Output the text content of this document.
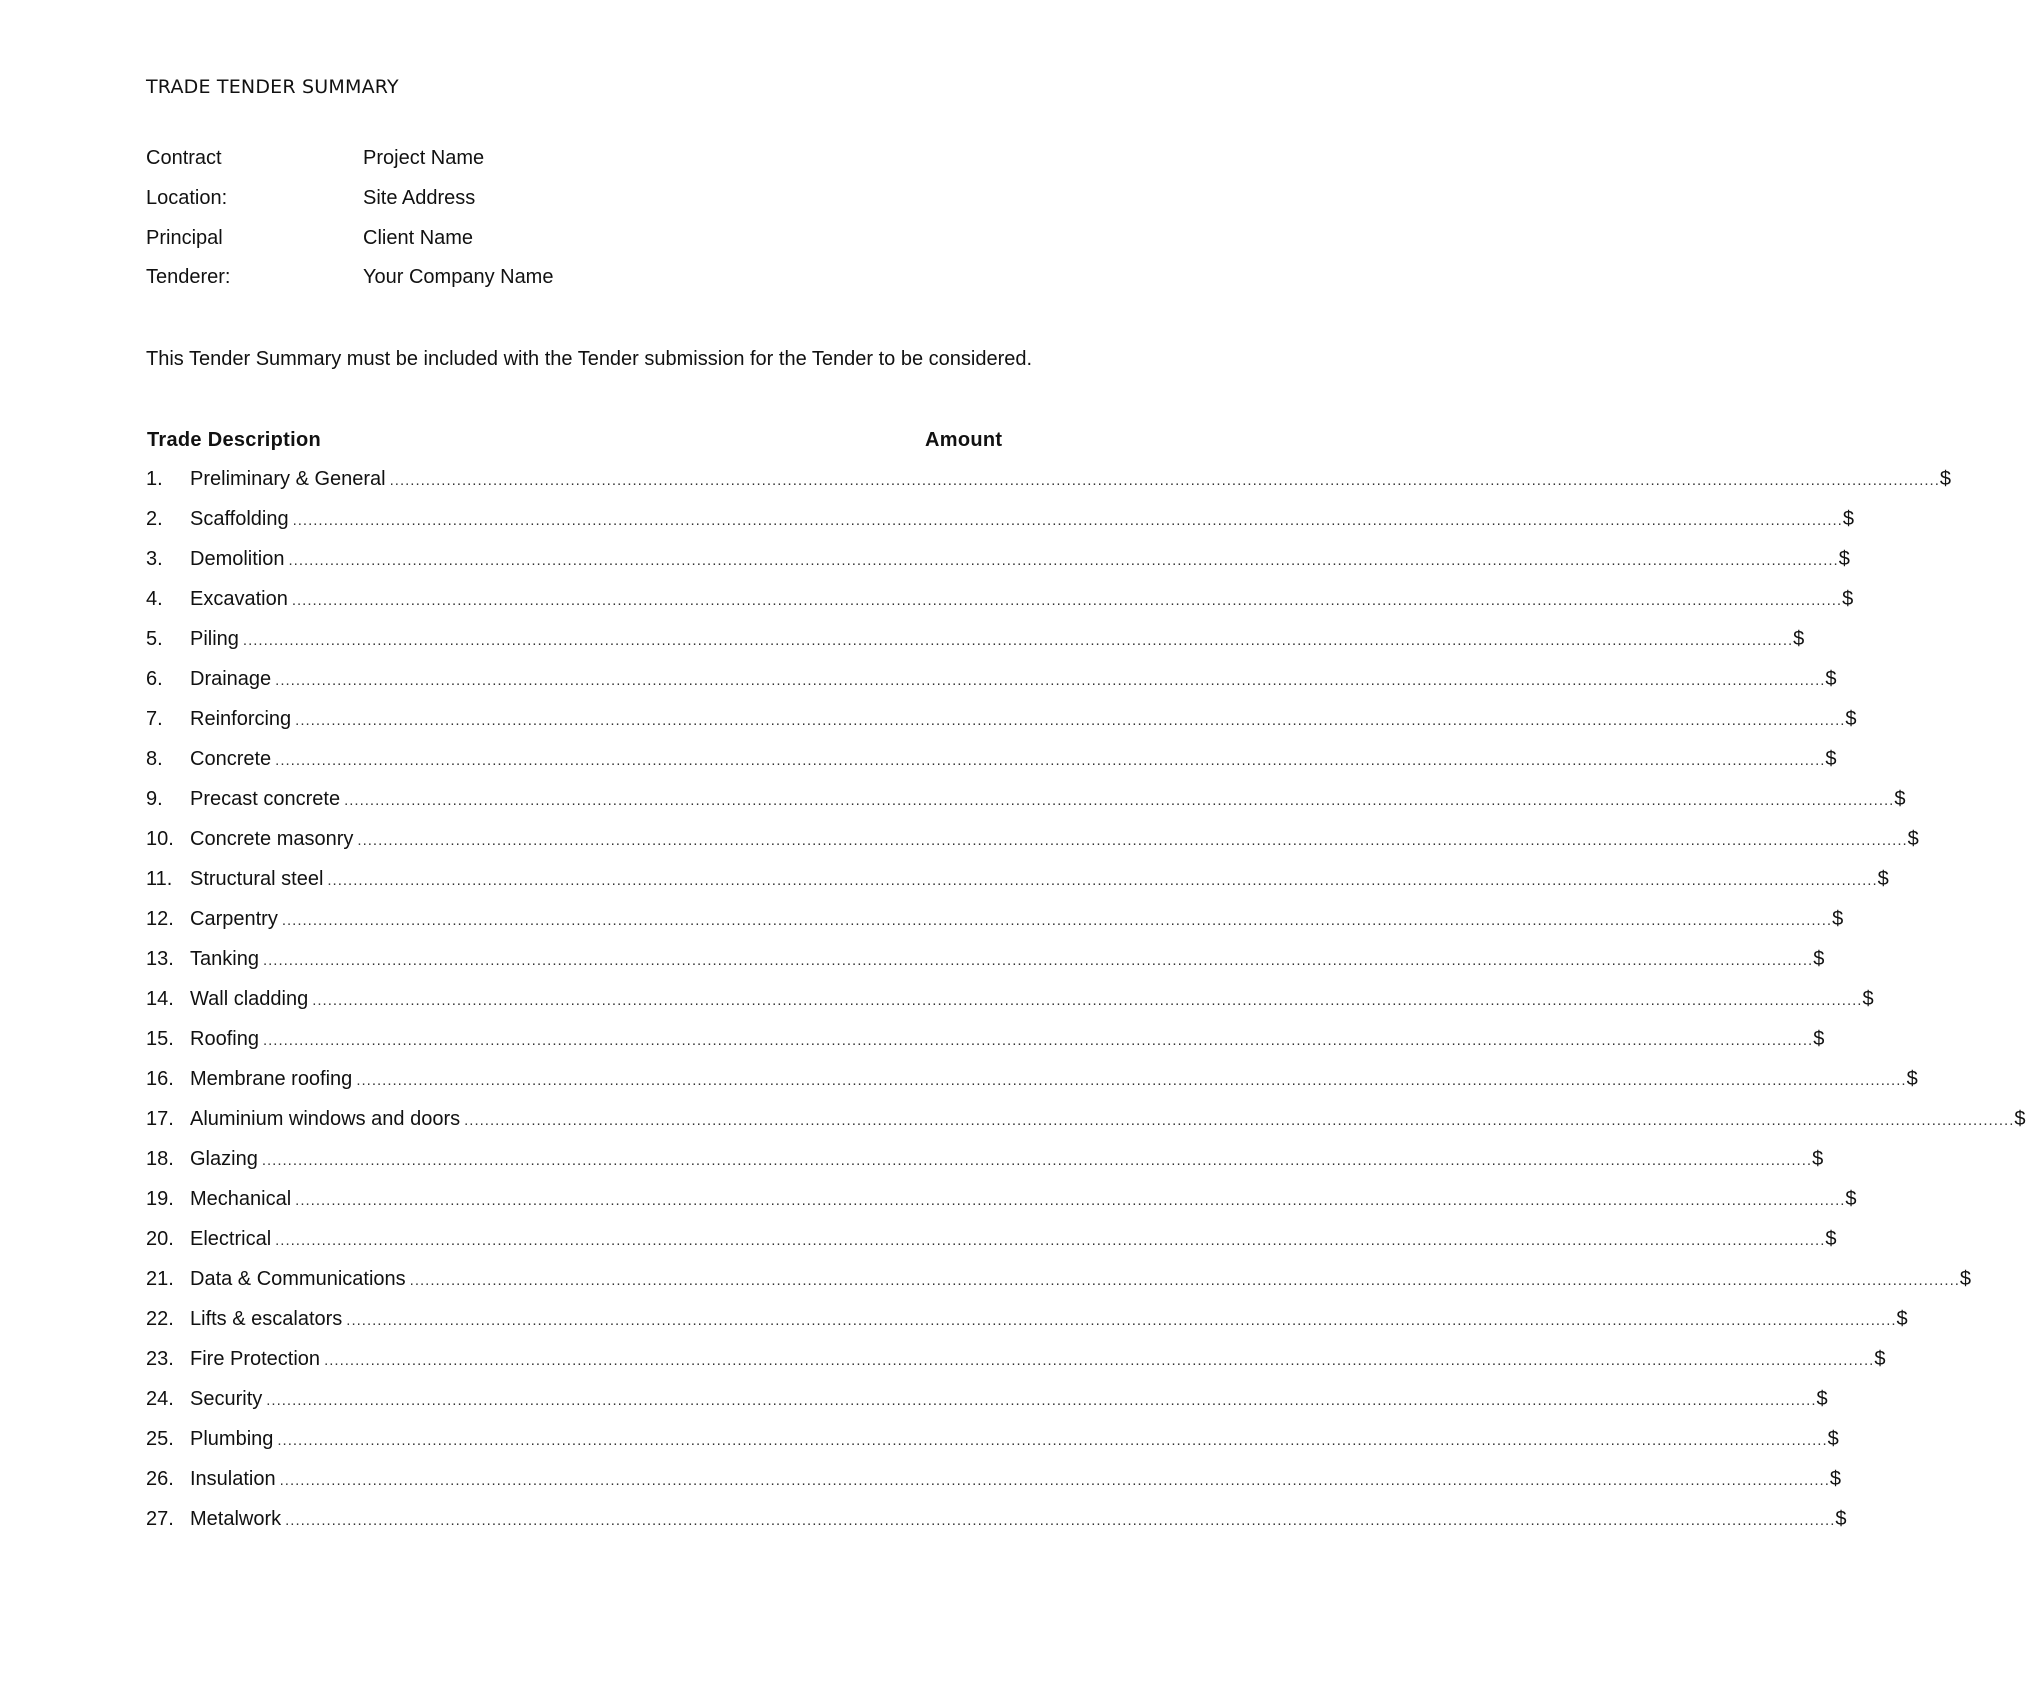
TRADE TENDER SUMMARY
Contract	Project Name
Location:	Site Address
Principal	Client Name
Tenderer:	Your Company Name
This Tender Summary must be included with the Tender submission for the Tender to be considered.
Trade Description	Amount
1. Preliminary & General ............................................................................................................................................................................................................................................................................................................ $
2. Scaffolding ............................................................................................................................................................................................................................................................................................................ $
3. Demolition ............................................................................................................................................................................................................................................................................................................ $
4. Excavation ............................................................................................................................................................................................................................................................................................................ $
5. Piling ............................................................................................................................................................................................................................................................................................................ $
6. Drainage ............................................................................................................................................................................................................................................................................................................ $
7. Reinforcing ............................................................................................................................................................................................................................................................................................................ $
8. Concrete ............................................................................................................................................................................................................................................................................................................ $
9. Precast concrete ............................................................................................................................................................................................................................................................................................................ $
10. Concrete masonry ............................................................................................................................................................................................................................................................................................................ $
11. Structural steel ............................................................................................................................................................................................................................................................................................................ $
12. Carpentry ............................................................................................................................................................................................................................................................................................................ $
13. Tanking ............................................................................................................................................................................................................................................................................................................ $
14. Wall cladding ............................................................................................................................................................................................................................................................................................................ $
15. Roofing ............................................................................................................................................................................................................................................................................................................ $
16. Membrane roofing ............................................................................................................................................................................................................................................................................................................ $
17. Aluminium windows and doors ............................................................................................................................................................................................................................................................................................................ $
18. Glazing ............................................................................................................................................................................................................................................................................................................ $
19. Mechanical ............................................................................................................................................................................................................................................................................................................ $
20. Electrical ............................................................................................................................................................................................................................................................................................................ $
21. Data & Communications ............................................................................................................................................................................................................................................................................................................ $
22. Lifts & escalators ............................................................................................................................................................................................................................................................................................................ $
23. Fire Protection ............................................................................................................................................................................................................................................................................................................ $
24. Security ............................................................................................................................................................................................................................................................................................................ $
25. Plumbing ............................................................................................................................................................................................................................................................................................................ $
26. Insulation ............................................................................................................................................................................................................................................................................................................ $
27. Metalwork ............................................................................................................................................................................................................................................................................................................ $
